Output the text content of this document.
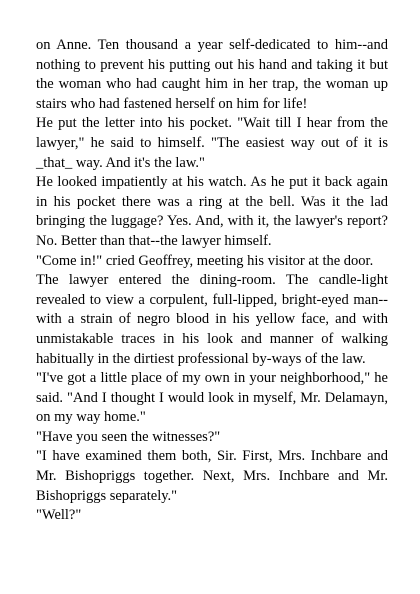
on Anne. Ten thousand a year self-dedicated to him--and nothing to prevent his putting out his hand and taking it but the woman who had caught him in her trap, the woman up stairs who had fastened herself on him for life!

He put the letter into his pocket. "Wait till I hear from the lawyer," he said to himself. "The easiest way out of it is _that_ way. And it's the law."

He looked impatiently at his watch. As he put it back again in his pocket there was a ring at the bell. Was it the lad bringing the luggage? Yes. And, with it, the lawyer's report? No. Better than that--the lawyer himself.

"Come in!" cried Geoffrey, meeting his visitor at the door.

The lawyer entered the dining-room. The candle-light revealed to view a corpulent, full-lipped, bright-eyed man--with a strain of negro blood in his yellow face, and with unmistakable traces in his look and manner of walking habitually in the dirtiest professional by-ways of the law.

"I've got a little place of my own in your neighborhood," he said. "And I thought I would look in myself, Mr. Delamayn, on my way home."

"Have you seen the witnesses?"

"I have examined them both, Sir. First, Mrs. Inchbare and Mr. Bishopriggs together. Next, Mrs. Inchbare and Mr. Bishopriggs separately."

"Well?"
